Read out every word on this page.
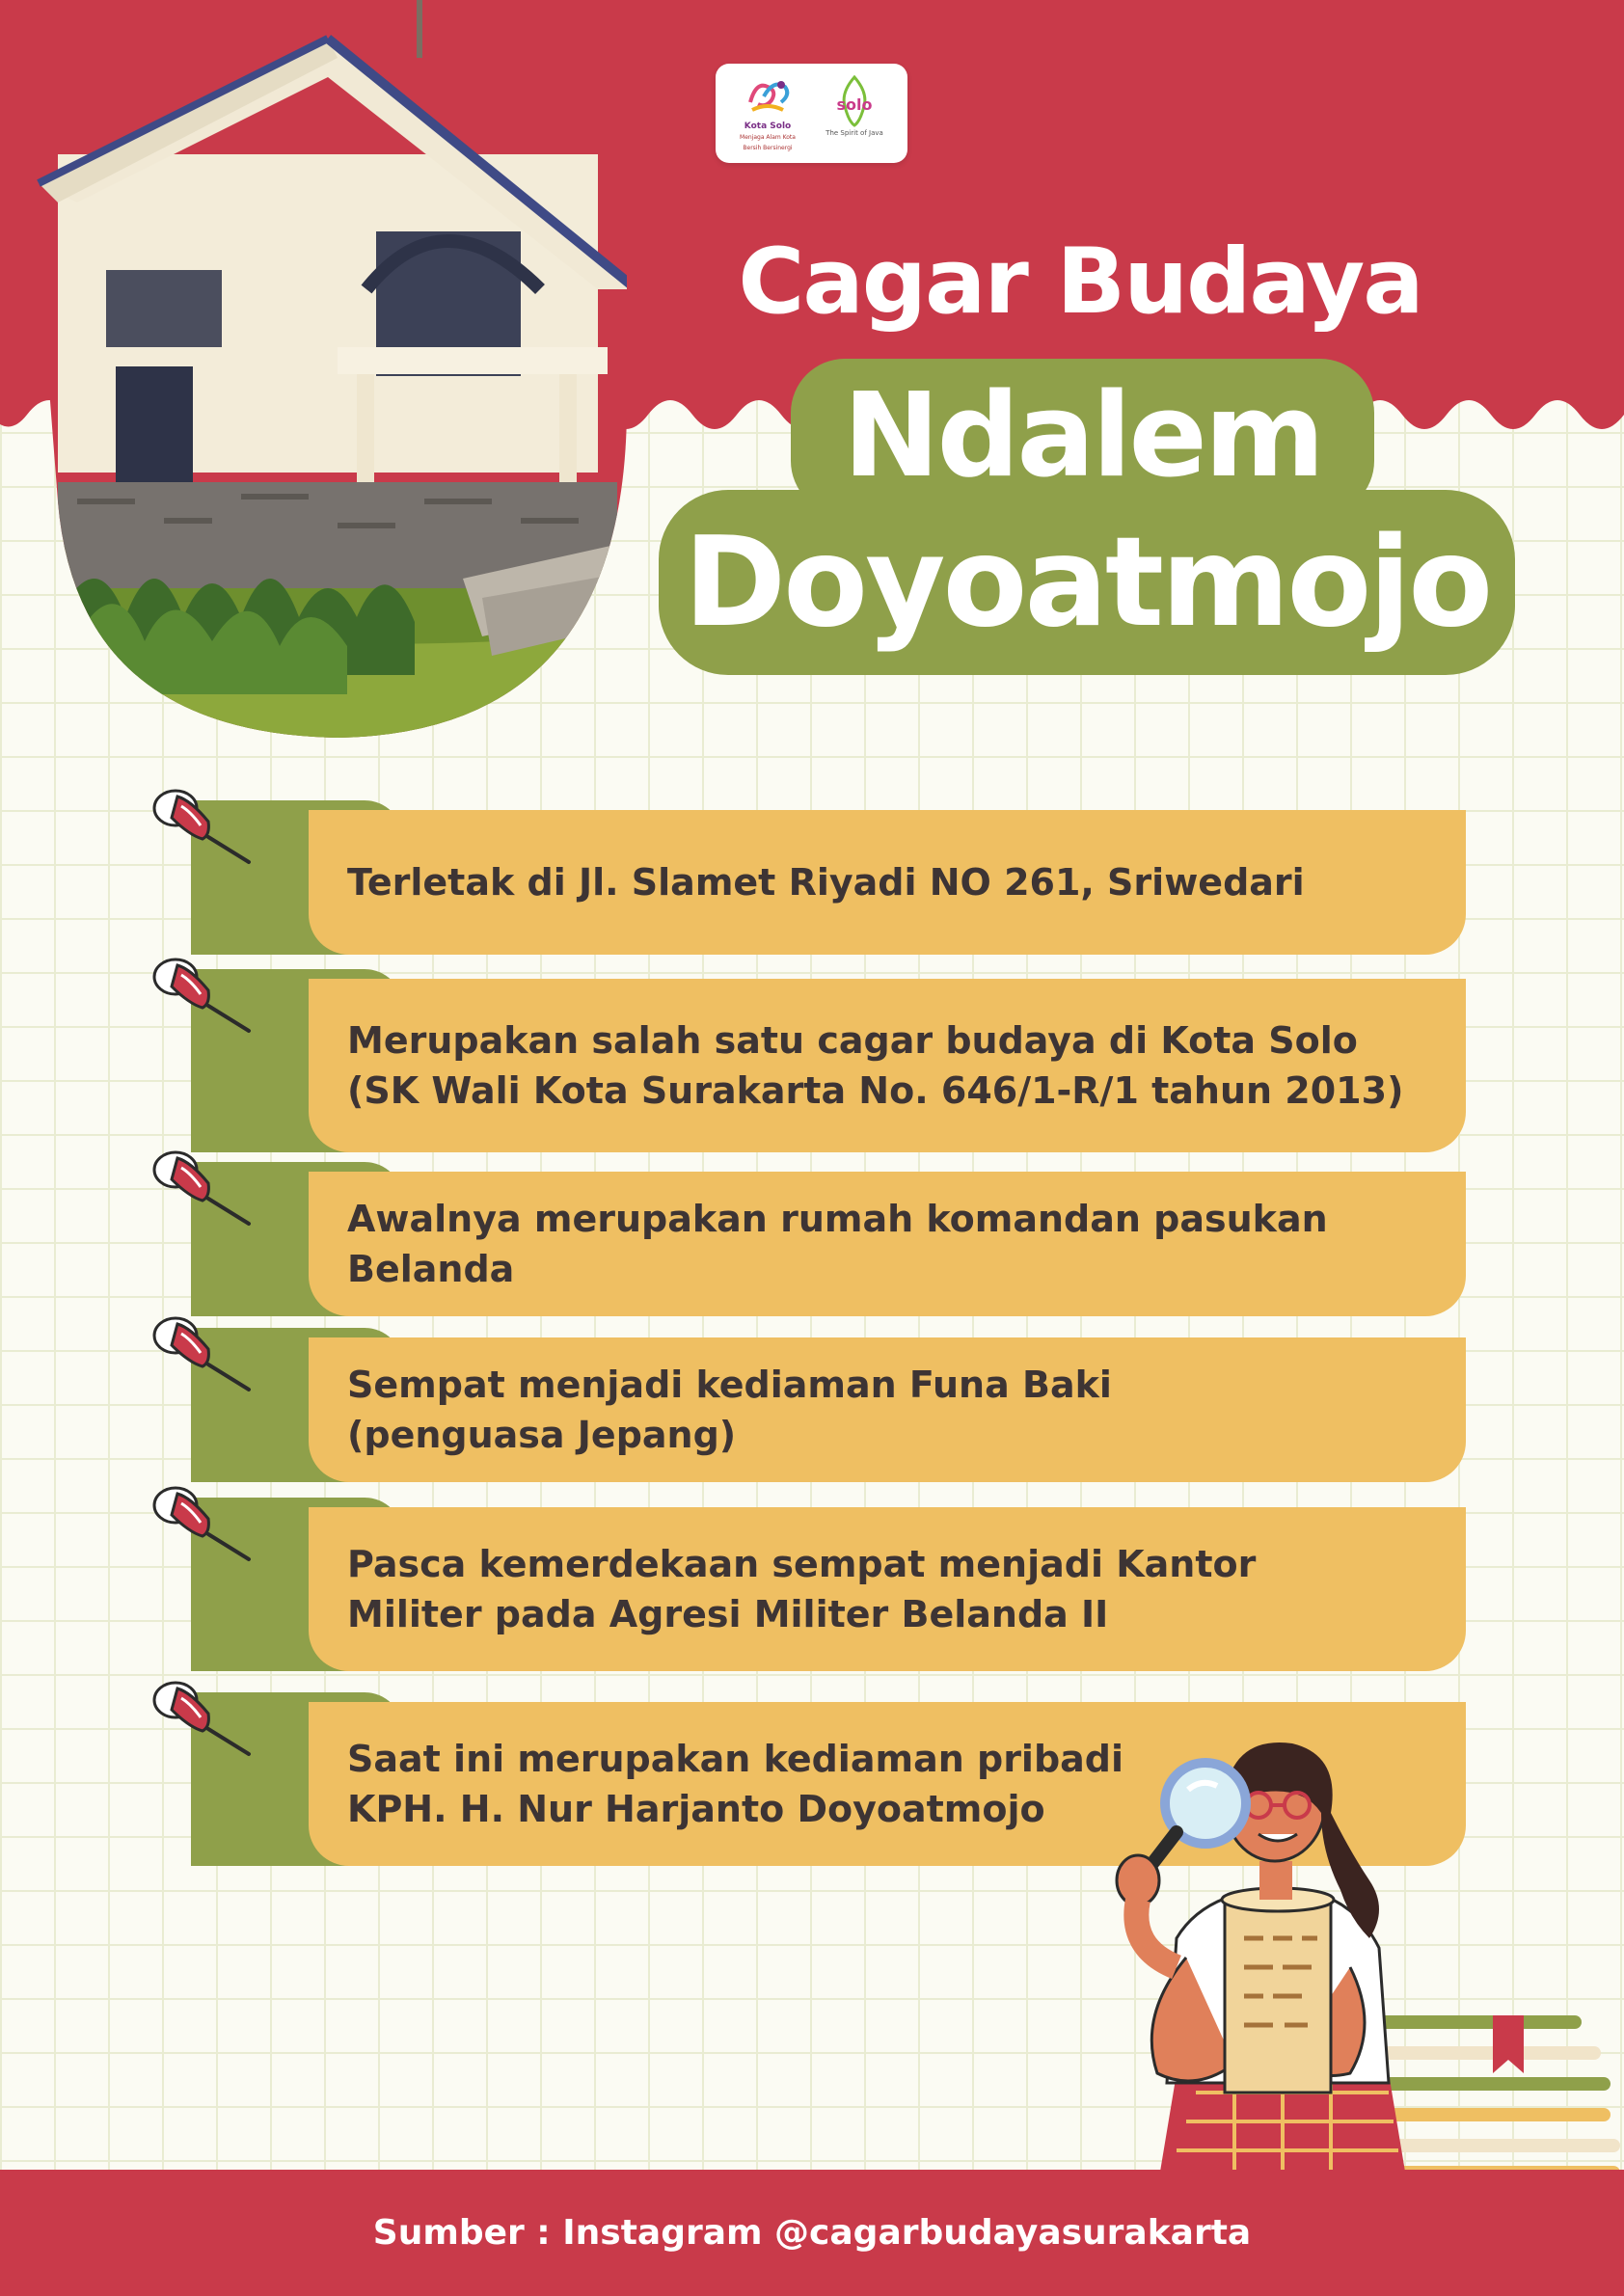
Kota Solo
Menjaga Alam Kota Bersih Bersinergi
solo
The Spirit of Java
Cagar Budaya
Ndalem
Doyoatmojo
Terletak di Jl. Slamet Riyadi NO 261, Sriwedari
Merupakan salah satu cagar budaya di Kota Solo
(SK Wali Kota Surakarta No. 646/1-R/1 tahun 2013)
Awalnya merupakan rumah komandan pasukan
Belanda
Sempat menjadi kediaman Funa Baki
(penguasa Jepang)
Pasca kemerdekaan sempat menjadi Kantor
Militer pada Agresi Militer Belanda II
Saat ini merupakan kediaman pribadi
KPH. H. Nur Harjanto Doyoatmojo
Sumber : Instagram @cagarbudayasurakarta
